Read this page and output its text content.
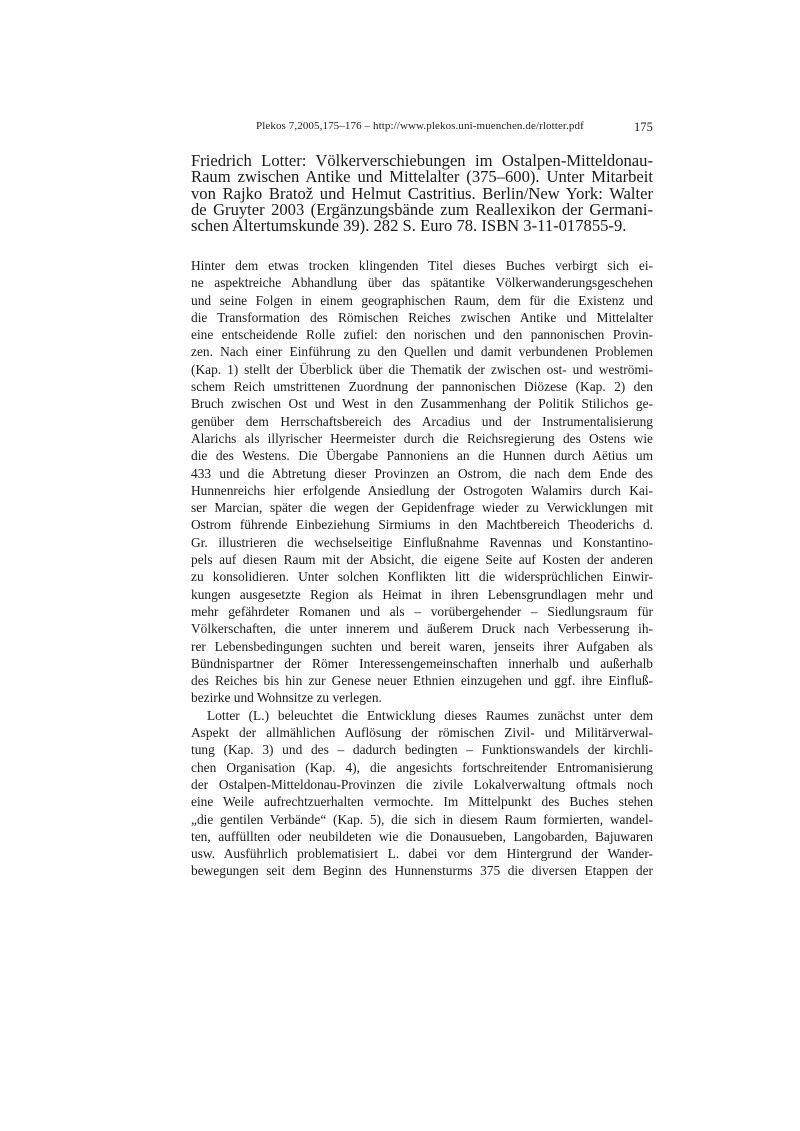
Plekos 7,2005,175–176 – http://www.plekos.uni-muenchen.de/rlotter.pdf	175
Friedrich Lotter: Völkerverschiebungen im Ostalpen-Mitteldonau-
Raum zwischen Antike und Mittelalter (375–600). Unter Mitarbeit
von Rajko Bratož und Helmut Castritius. Berlin/New York: Walter
de Gruyter 2003 (Ergänzungsbände zum Reallexikon der Germani-
schen Altertumskunde 39). 282 S. Euro 78. ISBN 3-11-017855-9.
Hinter dem etwas trocken klingenden Titel dieses Buches verbirgt sich ei-
ne aspektreiche Abhandlung über das spätantike Völkerwanderungsgeschehen
und seine Folgen in einem geographischen Raum, dem für die Existenz und
die Transformation des Römischen Reiches zwischen Antike und Mittelalter
eine entscheidende Rolle zufiel: den norischen und den pannonischen Provin-
zen. Nach einer Einführung zu den Quellen und damit verbundenen Problemen
(Kap. 1) stellt der Überblick über die Thematik der zwischen ost- und weströmi-
schem Reich umstrittenen Zuordnung der pannonischen Diözese (Kap. 2) den
Bruch zwischen Ost und West in den Zusammenhang der Politik Stilichos ge-
genüber dem Herrschaftsbereich des Arcadius und der Instrumentalisierung
Alarichs als illyrischer Heermeister durch die Reichsregierung des Ostens wie
die des Westens. Die Übergabe Pannoniens an die Hunnen durch Aëtius um
433 und die Abtretung dieser Provinzen an Ostrom, die nach dem Ende des
Hunnenreichs hier erfolgende Ansiedlung der Ostrogoten Walamirs durch Kai-
ser Marcian, später die wegen der Gepidenfrage wieder zu Verwicklungen mit
Ostrom führende Einbeziehung Sirmiums in den Machtbereich Theoderichs d.
Gr. illustrieren die wechselseitige Einflußnahme Ravennas und Konstantino-
pels auf diesen Raum mit der Absicht, die eigene Seite auf Kosten der anderen
zu konsolidieren. Unter solchen Konflikten litt die widersprüchlichen Einwir-
kungen ausgesetzte Region als Heimat in ihren Lebensgrundlagen mehr und
mehr gefährdeter Romanen und als – vorübergehender – Siedlungsraum für
Völkerschaften, die unter innerem und äußerem Druck nach Verbesserung ih-
rer Lebensbedingungen suchten und bereit waren, jenseits ihrer Aufgaben als
Bündnispartner der Römer Interessengemeinschaften innerhalb und außerhalb
des Reiches bis hin zur Genese neuer Ethnien einzugehen und ggf. ihre Einfluß-
bezirke und Wohnsitze zu verlegen.
Lotter (L.) beleuchtet die Entwicklung dieses Raumes zunächst unter dem
Aspekt der allmählichen Auflösung der römischen Zivil- und Militärverwal-
tung (Kap. 3) und des – dadurch bedingten – Funktionswandels der kirchli-
chen Organisation (Kap. 4), die angesichts fortschreitender Entromanisierung
der Ostalpen-Mitteldonau-Provinzen die zivile Lokalverwaltung oftmals noch
eine Weile aufrechtzuerhalten vermochte. Im Mittelpunkt des Buches stehen
„die gentilen Verbände“ (Kap. 5), die sich in diesem Raum formierten, wandel-
ten, auffüllten oder neubildeten wie die Donausueben, Langobarden, Bajuwaren
usw. Ausführlich problematisiert L. dabei vor dem Hintergrund der Wander-
bewegungen seit dem Beginn des Hunnensturms 375 die diversen Etappen der
